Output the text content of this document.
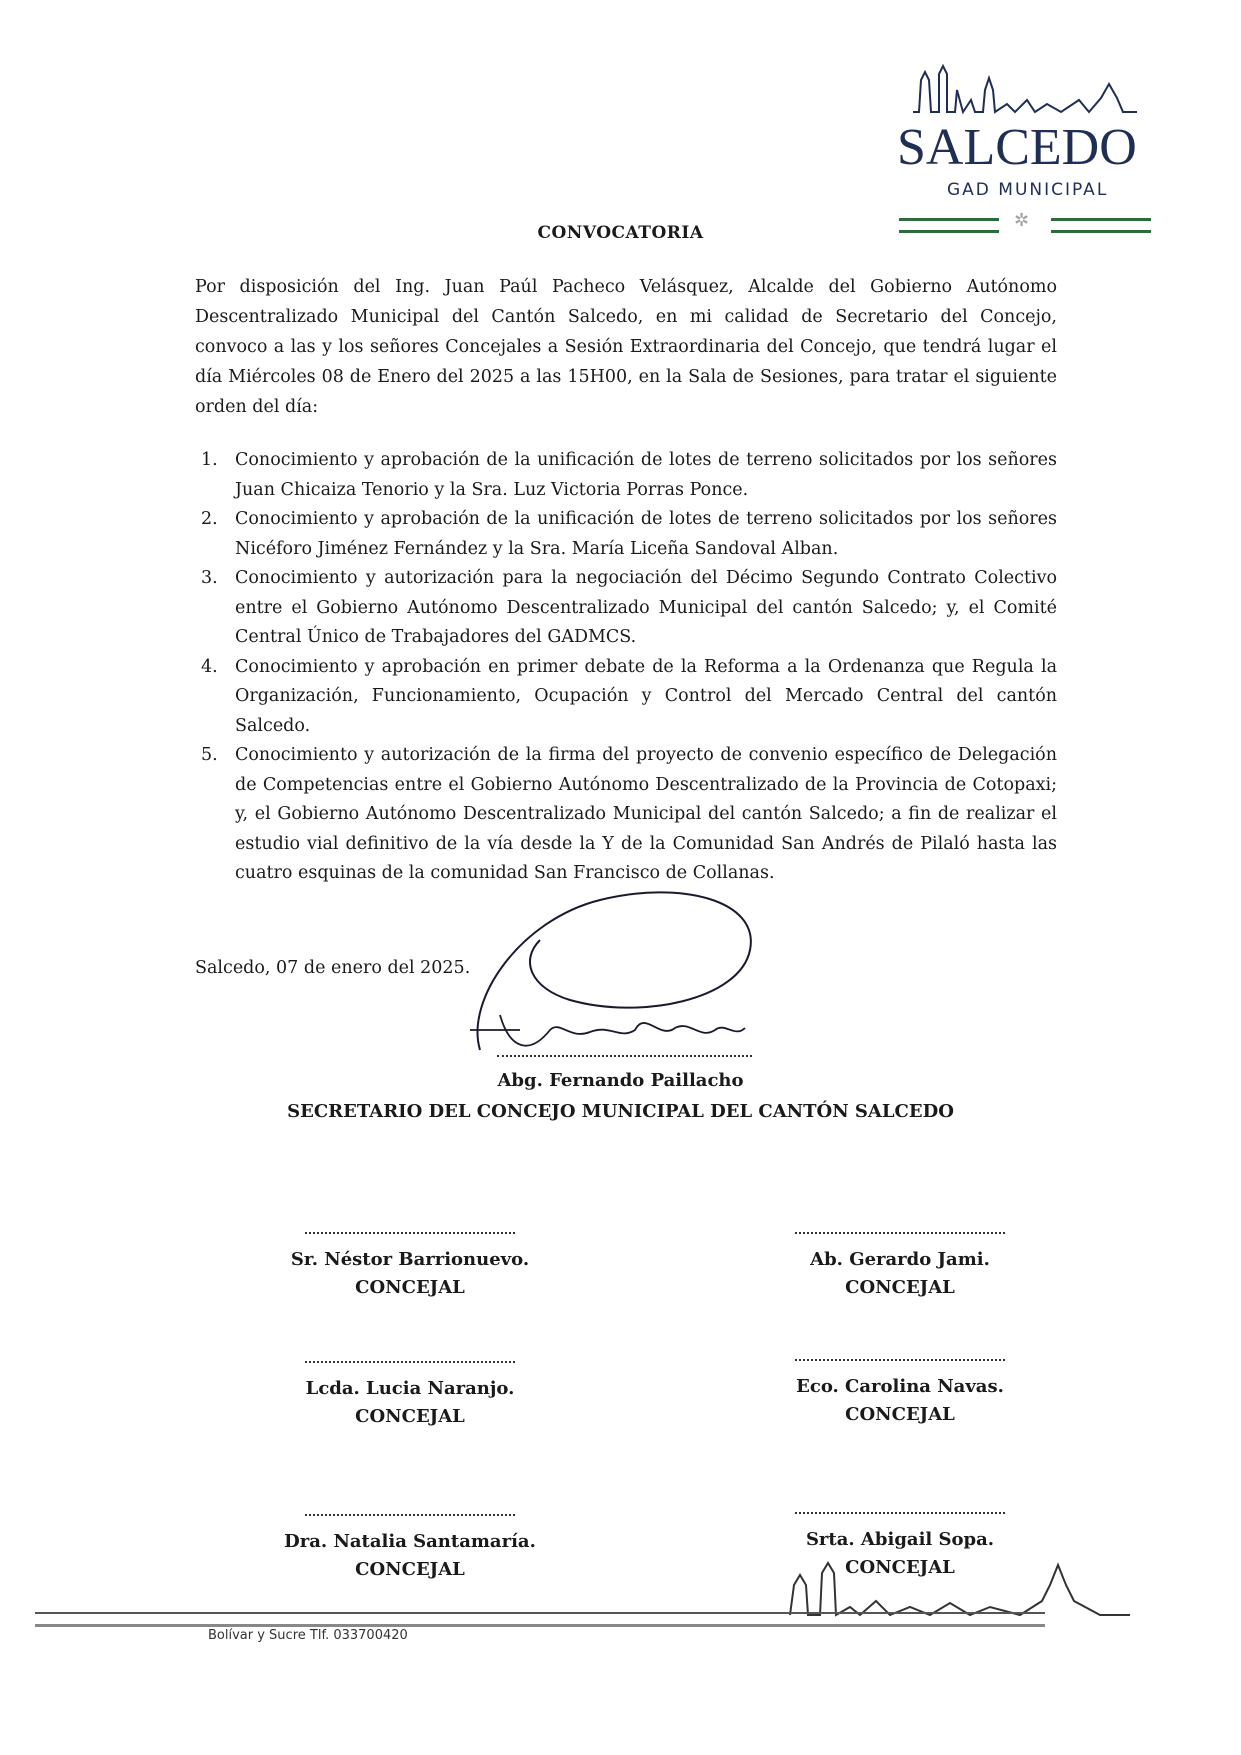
SALCEDO
GAD MUNICIPAL
✲
CONVOCATORIA

Por disposición del Ing. Juan Paúl Pacheco Velásquez, Alcalde del Gobierno Autónomo Descentralizado Municipal del Cantón Salcedo, en mi calidad de Secretario del Concejo, convoco a las y los señores Concejales a Sesión Extraordinaria del Concejo, que tendrá lugar el día Miércoles 08 de Enero del 2025 a las 15H00, en la Sala de Sesiones, para tratar el siguiente orden del día:

1. Conocimiento y aprobación de la unificación de lotes de terreno solicitados por los señores Juan Chicaiza Tenorio y la Sra. Luz Victoria Porras Ponce.
2. Conocimiento y aprobación de la unificación de lotes de terreno solicitados por los señores Nicéforo Jiménez Fernández y la Sra. María Liceña Sandoval Alban.
3. Conocimiento y autorización para la negociación del Décimo Segundo Contrato Colectivo entre el Gobierno Autónomo Descentralizado Municipal del cantón Salcedo; y, el Comité Central Único de Trabajadores del GADMCS.
4. Conocimiento y aprobación en primer debate de la Reforma a la Ordenanza que Regula la Organización, Funcionamiento, Ocupación y Control del Mercado Central del cantón Salcedo.
5. Conocimiento y autorización de la firma del proyecto de convenio específico de Delegación de Competencias entre el Gobierno Autónomo Descentralizado de la Provincia de Cotopaxi; y, el Gobierno Autónomo Descentralizado Municipal del cantón Salcedo; a fin de realizar el estudio vial definitivo de la vía desde la Y de la Comunidad San Andrés de Pilaló hasta las cuatro esquinas de la comunidad San Francisco de Collanas.
Salcedo, 07 de enero del 2025.
Abg. Fernando Paillacho
SECRETARIO DEL CONCEJO MUNICIPAL DEL CANTÓN SALCEDO
Sr. Néstor Barrionuevo.
CONCEJAL
Ab. Gerardo Jami.
CONCEJAL
Lcda. Lucia Naranjo.
CONCEJAL
Eco. Carolina Navas.
CONCEJAL
Dra. Natalia Santamaría.
CONCEJAL
Srta. Abigail Sopa.
CONCEJAL
Bolívar y Sucre Tlf. 033700420
